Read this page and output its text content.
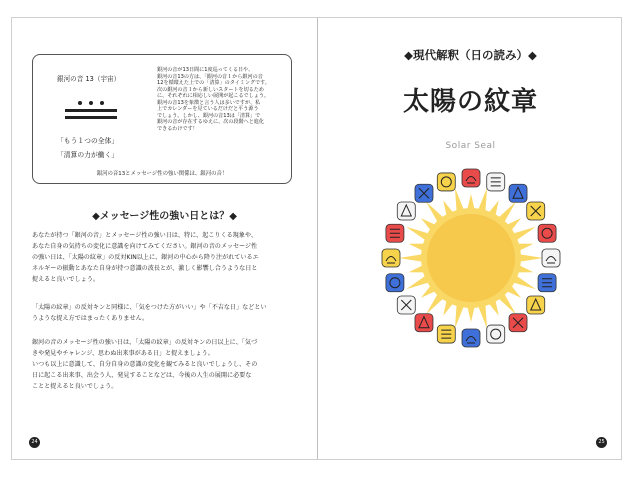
銀河の音 13（宇宙）
「もう１つの全体」
「清算の力が働く」
銀河の音が13日間に1度巡ってくる日や、
銀河の音13の方は、「銀河の音１から銀河の音
12を循環えた上での「清算」のタイミングです。
次の銀河の音１から新しいスタートを切るため
に、それぞれに相応しい展開が起こるでしょう。
銀河の音13を象徴と言う人は多いですが、私
上でカレンダーを見ているだけだと平う源う
でしょう。しかし、銀河の音13は「清算」で
銀河の音が存在するゆえに、次の段階へと進化
できるわけです！
銀河の音13とメッセージ性の強い関係は、銀河の音！
◆メッセージ性の強い日とは？◆
あなたが持つ「銀河の音」とメッセージ性の強い日は、特に、起こりくる現象や、
あなた自身の気持ちの変化に意識を向けてみてください。銀河の音のメッセージ性
の強い日は、「太陽の紋章」の反対KIN以上に、銀河の中心から降り注がれているエ
ネルギーの振動とあなた自身が持つ意識の波長とが、激しく影響し合うような日と
捉えると良いでしょう。
「太陽の紋章」の反対キンと同様に、「気をつけた方がいい」や「不吉な日」などとい
うような捉え方ではまったくありません。
銀河の音のメッセージ性の強い日は、「太陽の紋章」の反対キンの日以上に、「気づ
きや発見やチャレンジ、思わぬ出来事がある日」と捉えましょう。
いつも以上に意識して、自分自身の意識の変化を観てみると良いでしょうし、その
日に起こる出来事、出会う人、発見することなどは、今後の人生の展開に必要な
ことと捉えると良いでしょう。
24
◆現代解釈（日の読み）◆
太陽の紋章
Solar Seal
25
